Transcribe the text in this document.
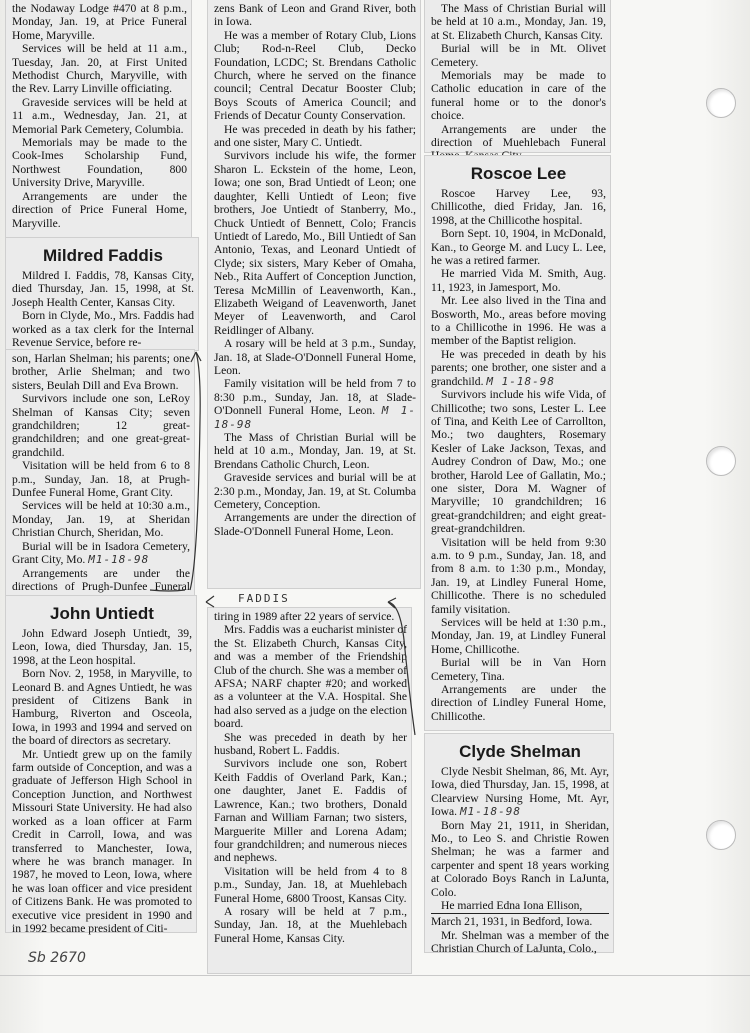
the Nodaway Lodge #470 at 8 p.m., Monday, Jan. 19, at Price Funeral Home, Maryville.

Services will be held at 11 a.m., Tuesday, Jan. 20, at First United Methodist Church, Maryville, with the Rev. Larry Linville officiating.

Graveside services will be held at 11 a.m., Wednesday, Jan. 21, at Memorial Park Cemetery, Columbia.

Memorials may be made to the Cook-Imes Scholarship Fund, Northwest Foundation, 800 University Drive, Maryville.

Arrangements are under the direction of Price Funeral Home, Maryville.

Mildred Faddis

Mildred I. Faddis, 78, Kansas City, died Thursday, Jan. 15, 1998, at St. Joseph Health Center, Kansas City.

Born in Clyde, Mo., Mrs. Faddis had worked as a tax clerk for the Internal Revenue Service, before re-

son, Harlan Shelman; his parents; one brother, Arlie Shelman; and two sisters, Beulah Dill and Eva Brown.

Survivors include one son, LeRoy Shelman of Kansas City; seven grandchildren; 12 great-grandchildren; and one great-great-grandchild.

Visitation will be held from 6 to 8 p.m., Sunday, Jan. 18, at Prugh-Dunfee Funeral Home, Grant City.

Services will be held at 10:30 a.m., Monday, Jan. 19, at Sheridan Christian Church, Sheridan, Mo.

Burial will be in Isadora Cemetery, Grant City, Mo. M1-18-98

Arrangements are under the directions of Prugh-Dunfee Funeral

John Untiedt

John Edward Joseph Untiedt, 39, Leon, Iowa, died Thursday, Jan. 15, 1998, at the Leon hospital.

Born Nov. 2, 1958, in Maryville, to Leonard B. and Agnes Untiedt, he was president of Citizens Bank in Hamburg, Riverton and Osceola, Iowa, in 1993 and 1994 and served on the board of directors as secretary.

Mr. Untiedt grew up on the family farm outside of Conception, and was a graduate of Jefferson High School in Conception Junction, and Northwest Missouri State University. He had also worked as a loan officer at Farm Credit in Carroll, Iowa, and was transferred to Manchester, Iowa, where he was branch manager. In 1987, he moved to Leon, Iowa, where he was loan officer and vice president of Citizens Bank. He was promoted to executive vice president in 1990 and in 1992 became president of Citi-

zens Bank of Leon and Grand River, both in Iowa.

He was a member of Rotary Club, Lions Club; Rod-n-Reel Club, Decko Foundation, LCDC; St. Brendans Catholic Church, where he served on the finance council; Central Decatur Booster Club; Boys Scouts of America Council; and Friends of Decatur County Conservation.

He was preceded in death by his father; and one sister, Mary C. Untiedt.

Survivors include his wife, the former Sharon L. Eckstein of the home, Leon, Iowa; one son, Brad Untiedt of Leon; one daughter, Kelli Untiedt of Leon; five brothers, Joe Untiedt of Stanberry, Mo., Chuck Untiedt of Bennett, Colo; Francis Untiedt of Laredo, Mo., Bill Untiedt of San Antonio, Texas, and Leonard Untiedt of Clyde; six sisters, Mary Keber of Omaha, Neb., Rita Auffert of Conception Junction, Teresa McMillin of Leavenworth, Kan., Elizabeth Weigand of Leavenworth, Janet Meyer of Leavenworth, and Carol Reidlinger of Albany.

A rosary will be held at 3 p.m., Sunday, Jan. 18, at Slade-O'Donnell Funeral Home, Leon.

Family visitation will be held from 7 to 8:30 p.m., Sunday, Jan. 18, at Slade-O'Donnell Funeral Home, Leon. M 1-18-98

The Mass of Christian Burial will be held at 10 a.m., Monday, Jan. 19, at St. Brendans Catholic Church, Leon.

Graveside services and burial will be at 2:30 p.m., Monday, Jan. 19, at St. Columba Cemetery, Conception.

Arrangements are under the direction of Slade-O'Donnell Funeral Home, Leon.

FADDIS

tiring in 1989 after 22 years of service.

Mrs. Faddis was a eucharist minister of the St. Elizabeth Church, Kansas City, and was a member of the Friendship Club of the church. She was a member of AFSA; NARF chapter #20; and worked as a volunteer at the V.A. Hospital. She had also served as a judge on the election board.

She was preceded in death by her husband, Robert L. Faddis.

Survivors include one son, Robert Keith Faddis of Overland Park, Kan.; one daughter, Janet E. Faddis of Lawrence, Kan.; two brothers, Donald Farnan and William Farnan; two sisters, Marguerite Miller and Lorena Adam; four grandchildren; and numerous nieces and nephews.

Visitation will be held from 4 to 8 p.m., Sunday, Jan. 18, at Muehlebach Funeral Home, 6800 Troost, Kansas City.

A rosary will be held at 7 p.m., Sunday, Jan. 18, at the Muehlebach Funeral Home, Kansas City.

The Mass of Christian Burial will be held at 10 a.m., Monday, Jan. 19, at St. Elizabeth Church, Kansas City.

Burial will be in Mt. Olivet Cemetery.

Memorials may be made to Catholic education in care of the funeral home or to the donor's choice.

Arrangements are under the direction of Muehlebach Funeral

Roscoe Lee

Roscoe Harvey Lee, 93, Chillicothe, died Friday, Jan. 16, 1998, at the Chillicothe hospital.

Born Sept. 10, 1904, in McDonald, Kan., to George M. and Lucy L. Lee, he was a retired farmer.

He married Vida M. Smith, Aug. 11, 1923, in Jamesport, Mo.

Mr. Lee also lived in the Tina and Bosworth, Mo., areas before moving to a Chillicothe in 1996. He was a member of the Baptist religion.

He was preceded in death by his parents; one brother, one sister and a grandchild. M 1-18-98

Survivors include his wife Vida, of Chillicothe; two sons, Lester L. Lee of Tina, and Keith Lee of Carrollton, Mo.; two daughters, Rosemary Kesler of Lake Jackson, Texas, and Audrey Condron of Daw, Mo.; one brother, Harold Lee of Gallatin, Mo.; one sister, Dora M. Wagner of Maryville; 10 grandchildren; 16 great-grandchildren; and eight great-great-grandchildren.

Visitation will be held from 9:30 a.m. to 9 p.m., Sunday, Jan. 18, and from 8 a.m. to 1:30 p.m., Monday, Jan. 19, at Lindley Funeral Home, Chillicothe. There is no scheduled family visitation.

Services will be held at 1:30 p.m., Monday, Jan. 19, at Lindley Funeral Home, Chillicothe.

Burial will be in Van Horn Cemetery, Tina.

Arrangements are under the direction of Lindley Funeral Home, Chillicothe.

Clyde Shelman

Clyde Nesbit Shelman, 86, Mt. Ayr, Iowa, died Thursday, Jan. 15, 1998, at Clearview Nursing Home, Mt. Ayr, Iowa. M1-18-98

Born May 21, 1911, in Sheridan, Mo., to Leo S. and Christie Rowen Shelman; he was a farmer and carpenter and spent 18 years working at Colorado Boys Ranch in LaJunta, Colo.

He married Edna Iona Ellison,

March 21, 1931, in Bedford, Iowa.

Mr. Shelman was a member of the Christian Church of LaJunta, Colo.,

Sb 2670
